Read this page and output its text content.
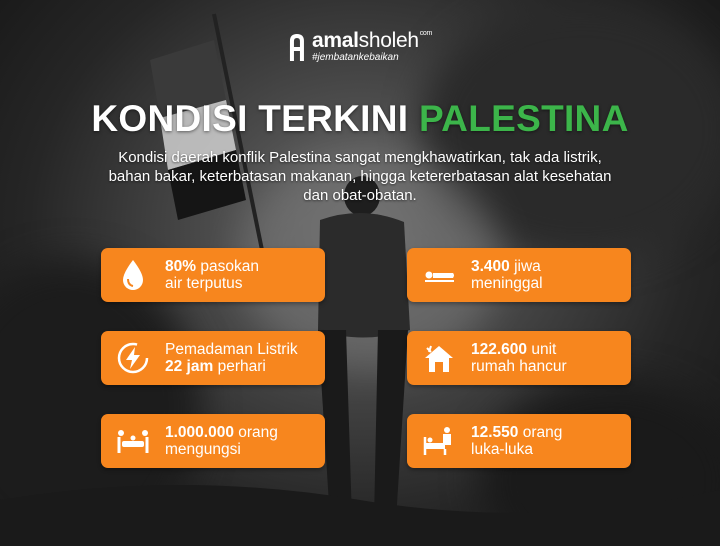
amalsholeh$^{com}$
#jembatankebaikan
KONDISI TERKINI PALESTINA
Kondisi daerah konflik Palestina sangat mengkhawatirkan, tak ada listrik, bahan bakar, keterbatasan makanan, hingga ketererbatasan alat kesehatan dan obat-obatan.
80% pasokan
air terputus
3.400 jiwa
meninggal
Pemadaman Listrik
22 jam perhari
122.600 unit
rumah hancur
1.000.000 orang
mengungsi
12.550 orang
luka-luka
